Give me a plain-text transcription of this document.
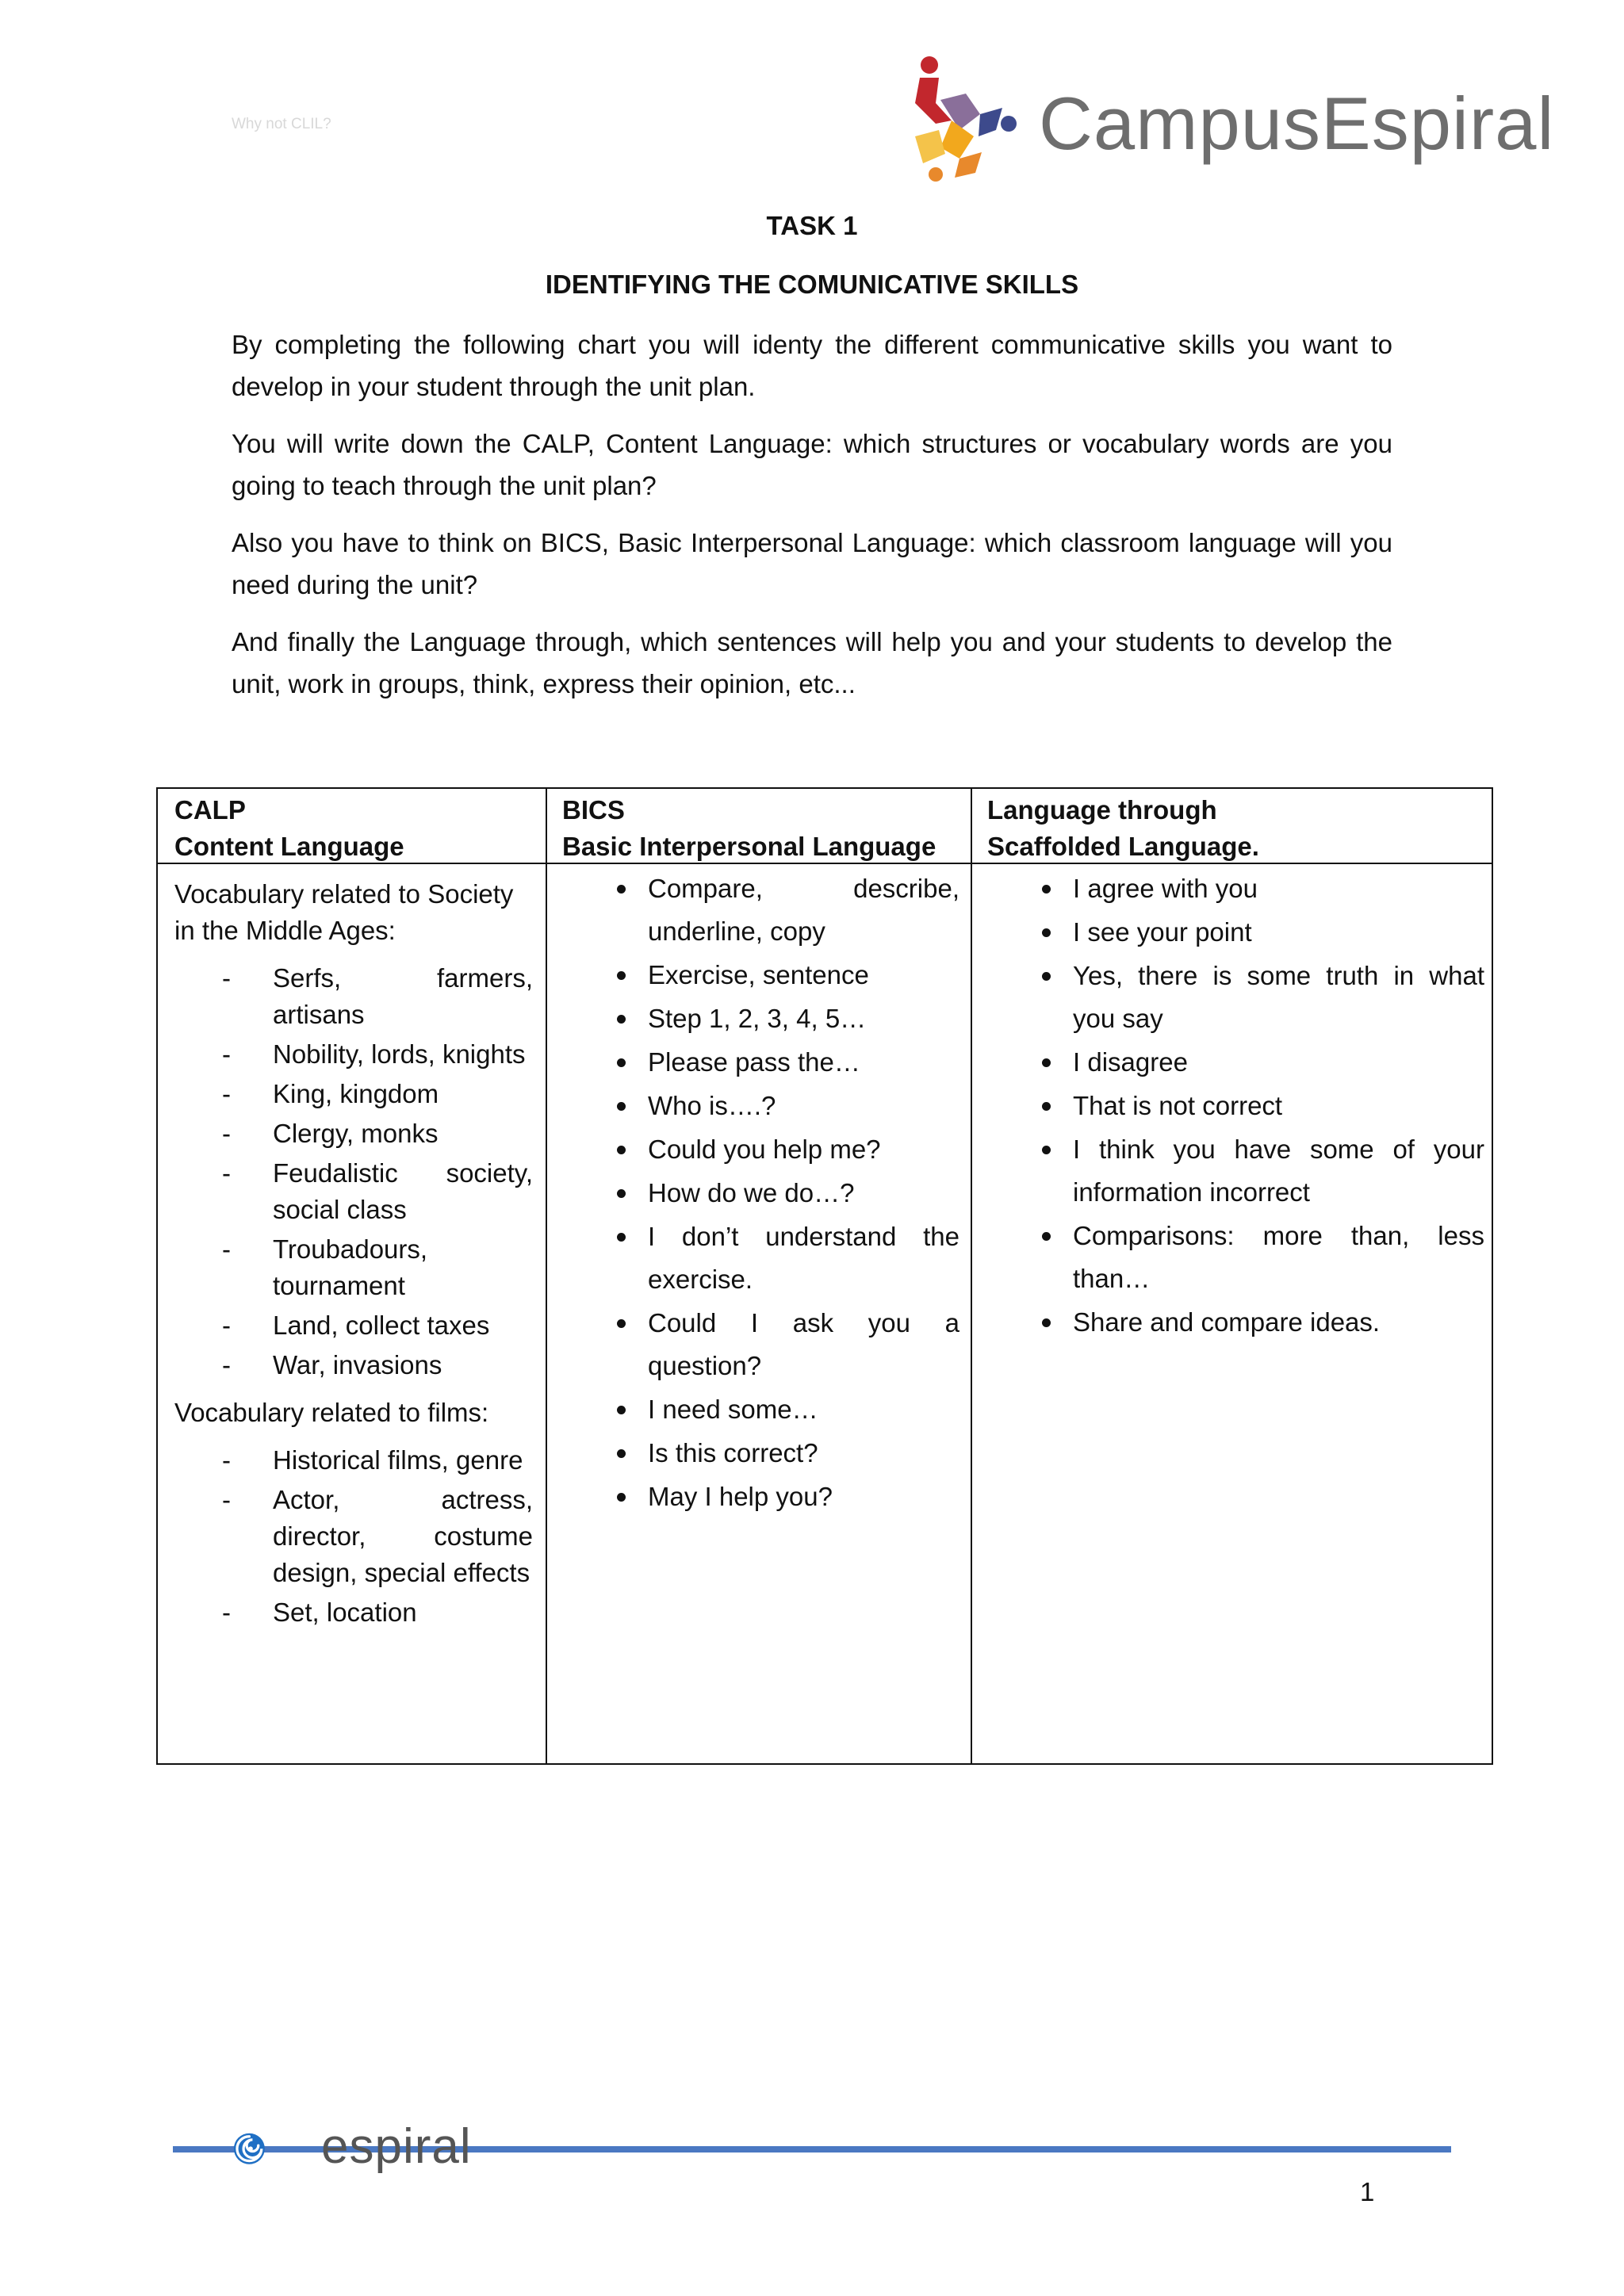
Why not CLIL?	CampusEspiral
TASK 1
IDENTIFYING THE COMUNICATIVE SKILLS

By completing the following chart you will identy the different communicative skills you want to develop in your student through the unit plan.

You will write down the CALP, Content Language: which structures or vocabulary words are you going to teach through the unit plan?

Also you have to think on BICS, Basic Interpersonal Language: which classroom language will you need during the unit?

And finally the Language through, which sentences will help you and your students to develop the unit, work in groups, think, express their opinion, etc...

CALP
Content Language
BICS
Basic Interpersonal Language
Language through
Scaffolded Language.

Vocabulary related to Society in the Middle Ages:

- Serfs, farmers, artisans
- Nobility, lords, knights
- King, kingdom
- Clergy, monks
- Feudalistic society, social class
- Troubadours, tournament
- Land, collect taxes
- War, invasions

Vocabulary related to films:

- Historical films, genre
- Actor, actress, director, costume design, special effects
- Set, location
Compare, describe, underline, copy
Exercise, sentence
Step 1, 2, 3, 4, 5…
Please pass the…
Who is….?
Could you help me?
How do we do…?
I don’t understand the exercise.
Could I ask you a question?
I need some…
Is this correct?
May I help you?
I agree with you
I see your point
Yes, there is some truth in what you say
I disagree
That is not correct
I think you have some of your information incorrect
Comparisons: more than, less than…
Share and compare ideas.
espiral
1
